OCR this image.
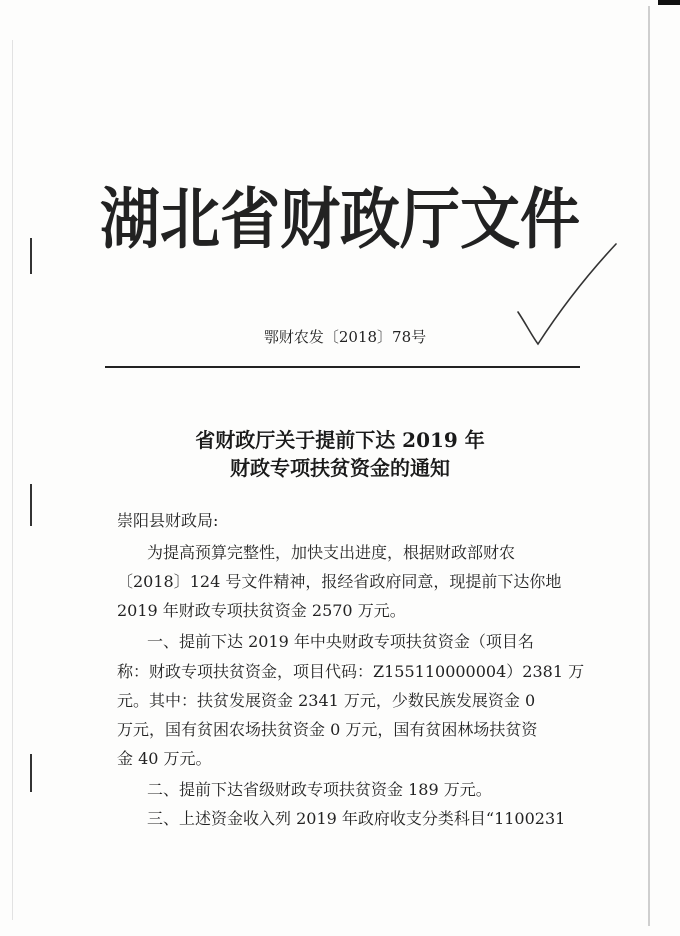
湖北省财政厅文件
鄂财农发〔2018〕78号
省财政厅关于提前下达 2019 年
财政专项扶贫资金的通知
崇阳县财政局:
为提高预算完整性，加快支出进度，根据财政部财农
〔2018〕124 号文件精神，报经省政府同意，现提前下达你地
2019 年财政专项扶贫资金 2570 万元。
一、提前下达 2019 年中央财政专项扶贫资金（项目名
称：财政专项扶贫资金，项目代码：Z155110000004）2381 万
元。其中：扶贫发展资金 2341 万元，少数民族发展资金 0
万元，国有贫困农场扶贫资金 0 万元，国有贫困林场扶贫资
金 40 万元。
二、提前下达省级财政专项扶贫资金 189 万元。
三、上述资金收入列 2019 年政府收支分类科目“1100231
